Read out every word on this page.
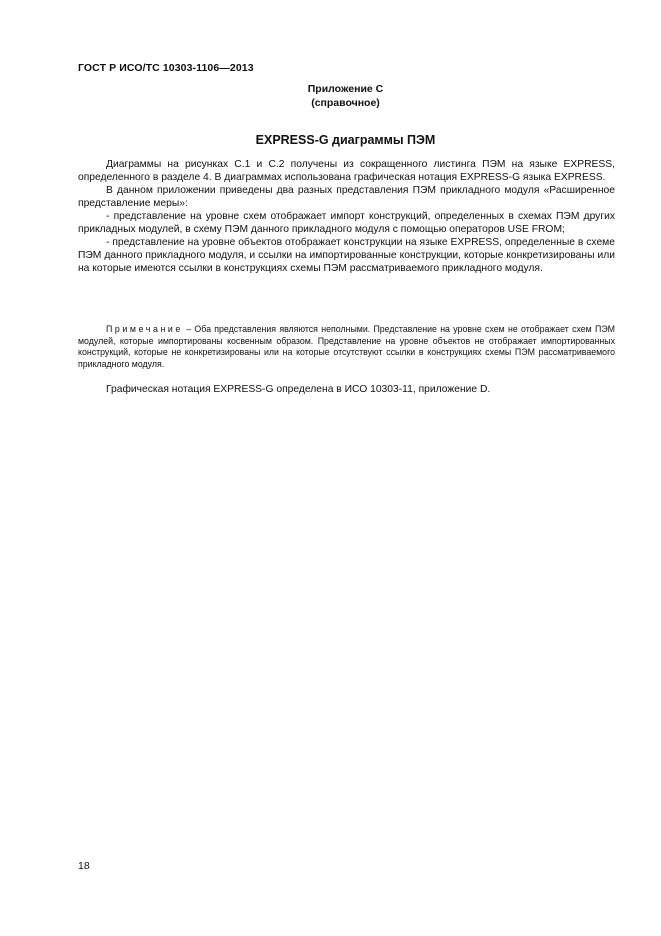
ГОСТ Р ИСО/ТС 10303-1106—2013
Приложение С
(справочное)
EXPRESS-G диаграммы ПЭМ

Диаграммы на рисунках С.1 и С.2 получены из сокращенного листинга ПЭМ на языке EXPRESS, определенного в разделе 4. В диаграммах использована графическая нотация EXPRESS-G языка EXPRESS.

В данном приложении приведены два разных представления ПЭМ прикладного модуля «Расширенное представление меры»:

- представление на уровне схем отображает импорт конструкций, определенных в схемах ПЭМ других прикладных модулей, в схему ПЭМ данного прикладного модуля с помощью операторов USE FROM;

- представление на уровне объектов отображает конструкции на языке EXPRESS, определенные в схеме ПЭМ данного прикладного модуля, и ссылки на импортированные конструкции, которые конкретизированы или на которые имеются ссылки в конструкциях схемы ПЭМ рассматриваемого прикладного модуля.

Примечание – Оба представления являются неполными. Представление на уровне схем не отображает схем ПЭМ модулей, которые импортированы косвенным образом. Представление на уровне объектов не отображает импортированных конструкций, которые не конкретизированы или на которые отсутствуют ссылки в конструкциях схемы ПЭМ рассматриваемого прикладного модуля.

Графическая нотация EXPRESS-G определена в ИСО 10303-11, приложение D.

18
